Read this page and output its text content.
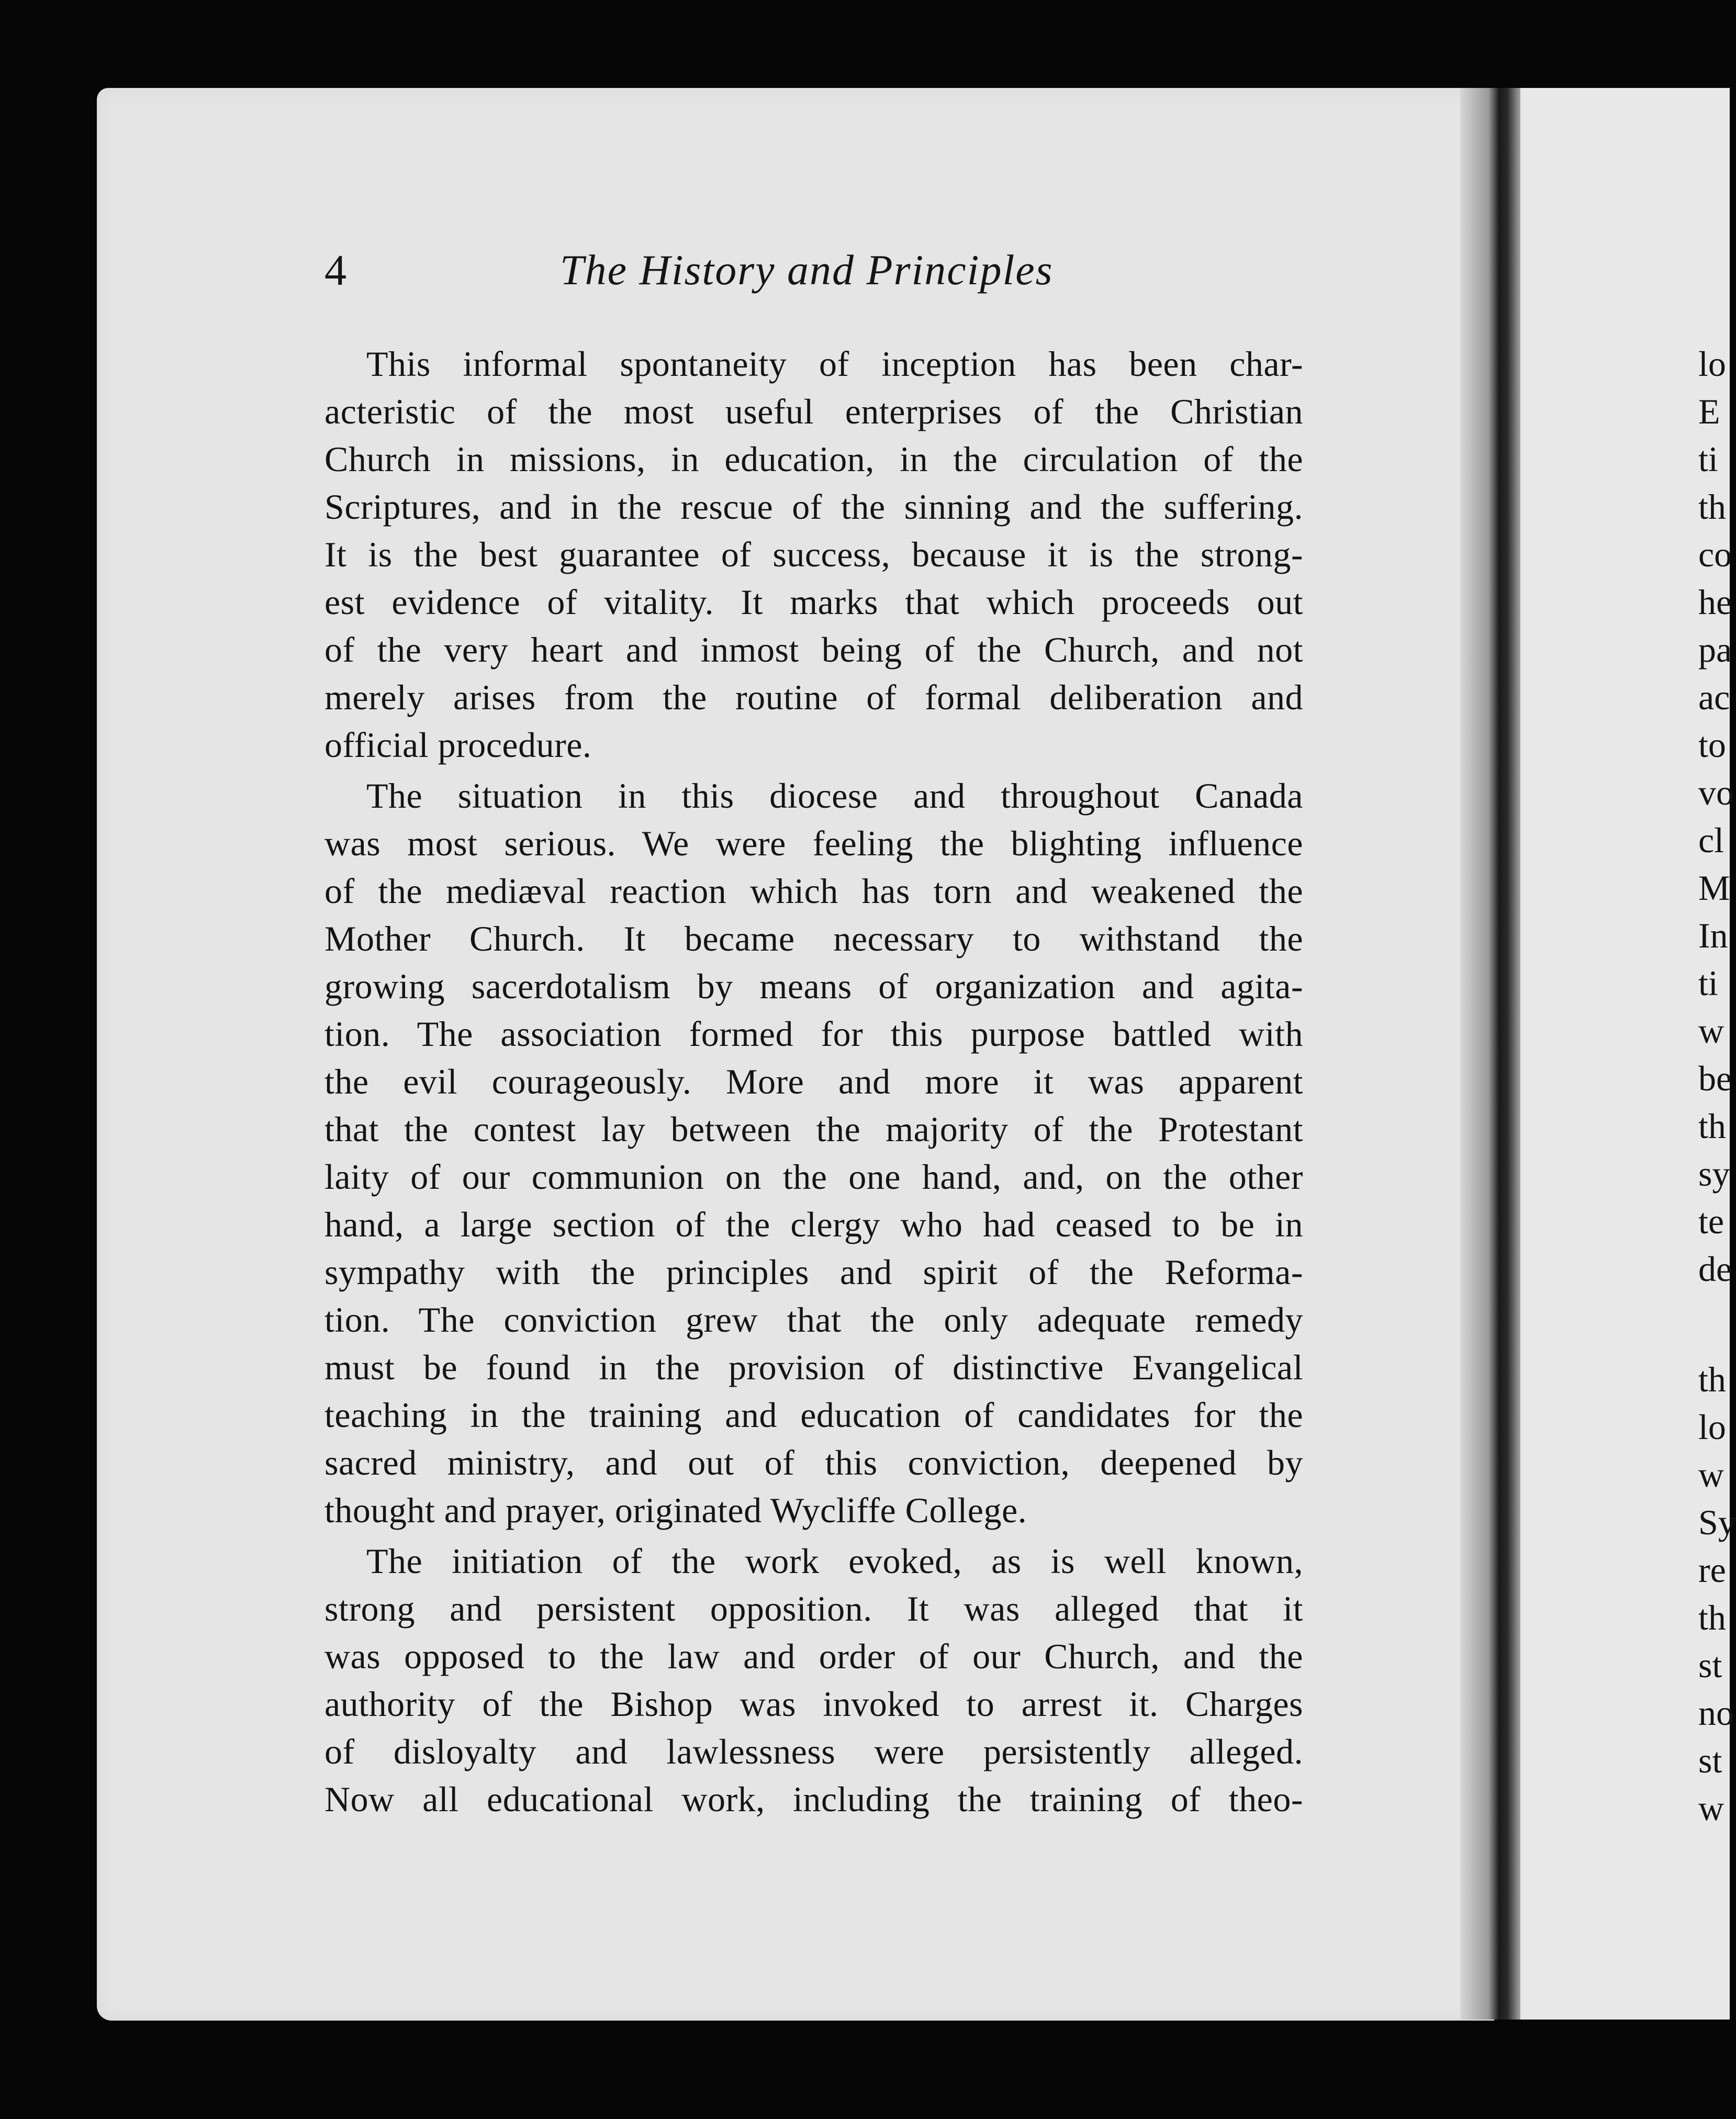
4	The History and Principles
This informal spontaneity of inception has been char-
acteristic of the most useful enterprises of the Christian
Church in missions, in education, in the circulation of the
Scriptures, and in the rescue of the sinning and the suffering.
It is the best guarantee of success, because it is the strong-
est evidence of vitality. It marks that which proceeds out
of the very heart and inmost being of the Church, and not
merely arises from the routine of formal deliberation and
official procedure.
The situation in this diocese and throughout Canada
was most serious. We were feeling the blighting influence
of the mediæval reaction which has torn and weakened the
Mother Church. It became necessary to withstand the
growing sacerdotalism by means of organization and agita-
tion. The association formed for this purpose battled with
the evil courageously. More and more it was apparent
that the contest lay between the majority of the Protestant
laity of our communion on the one hand, and, on the other
hand, a large section of the clergy who had ceased to be in
sympathy with the principles and spirit of the Reforma-
tion. The conviction grew that the only adequate remedy
must be found in the provision of distinctive Evangelical
teaching in the training and education of candidates for the
sacred ministry, and out of this conviction, deepened by
thought and prayer, originated Wycliffe College.
The initiation of the work evoked, as is well known,
strong and persistent opposition. It was alleged that it
was opposed to the law and order of our Church, and the
authority of the Bishop was invoked to arrest it. Charges
of disloyalty and lawlessness were persistently alleged.
Now all educational work, including the training of theo-
lo
E
ti
th
co
he
pa
ac
to
vo
cl
M
In
ti
w
be
th
sy
te
de
th
lo
w
Sy
re
th
st
no
st
w
